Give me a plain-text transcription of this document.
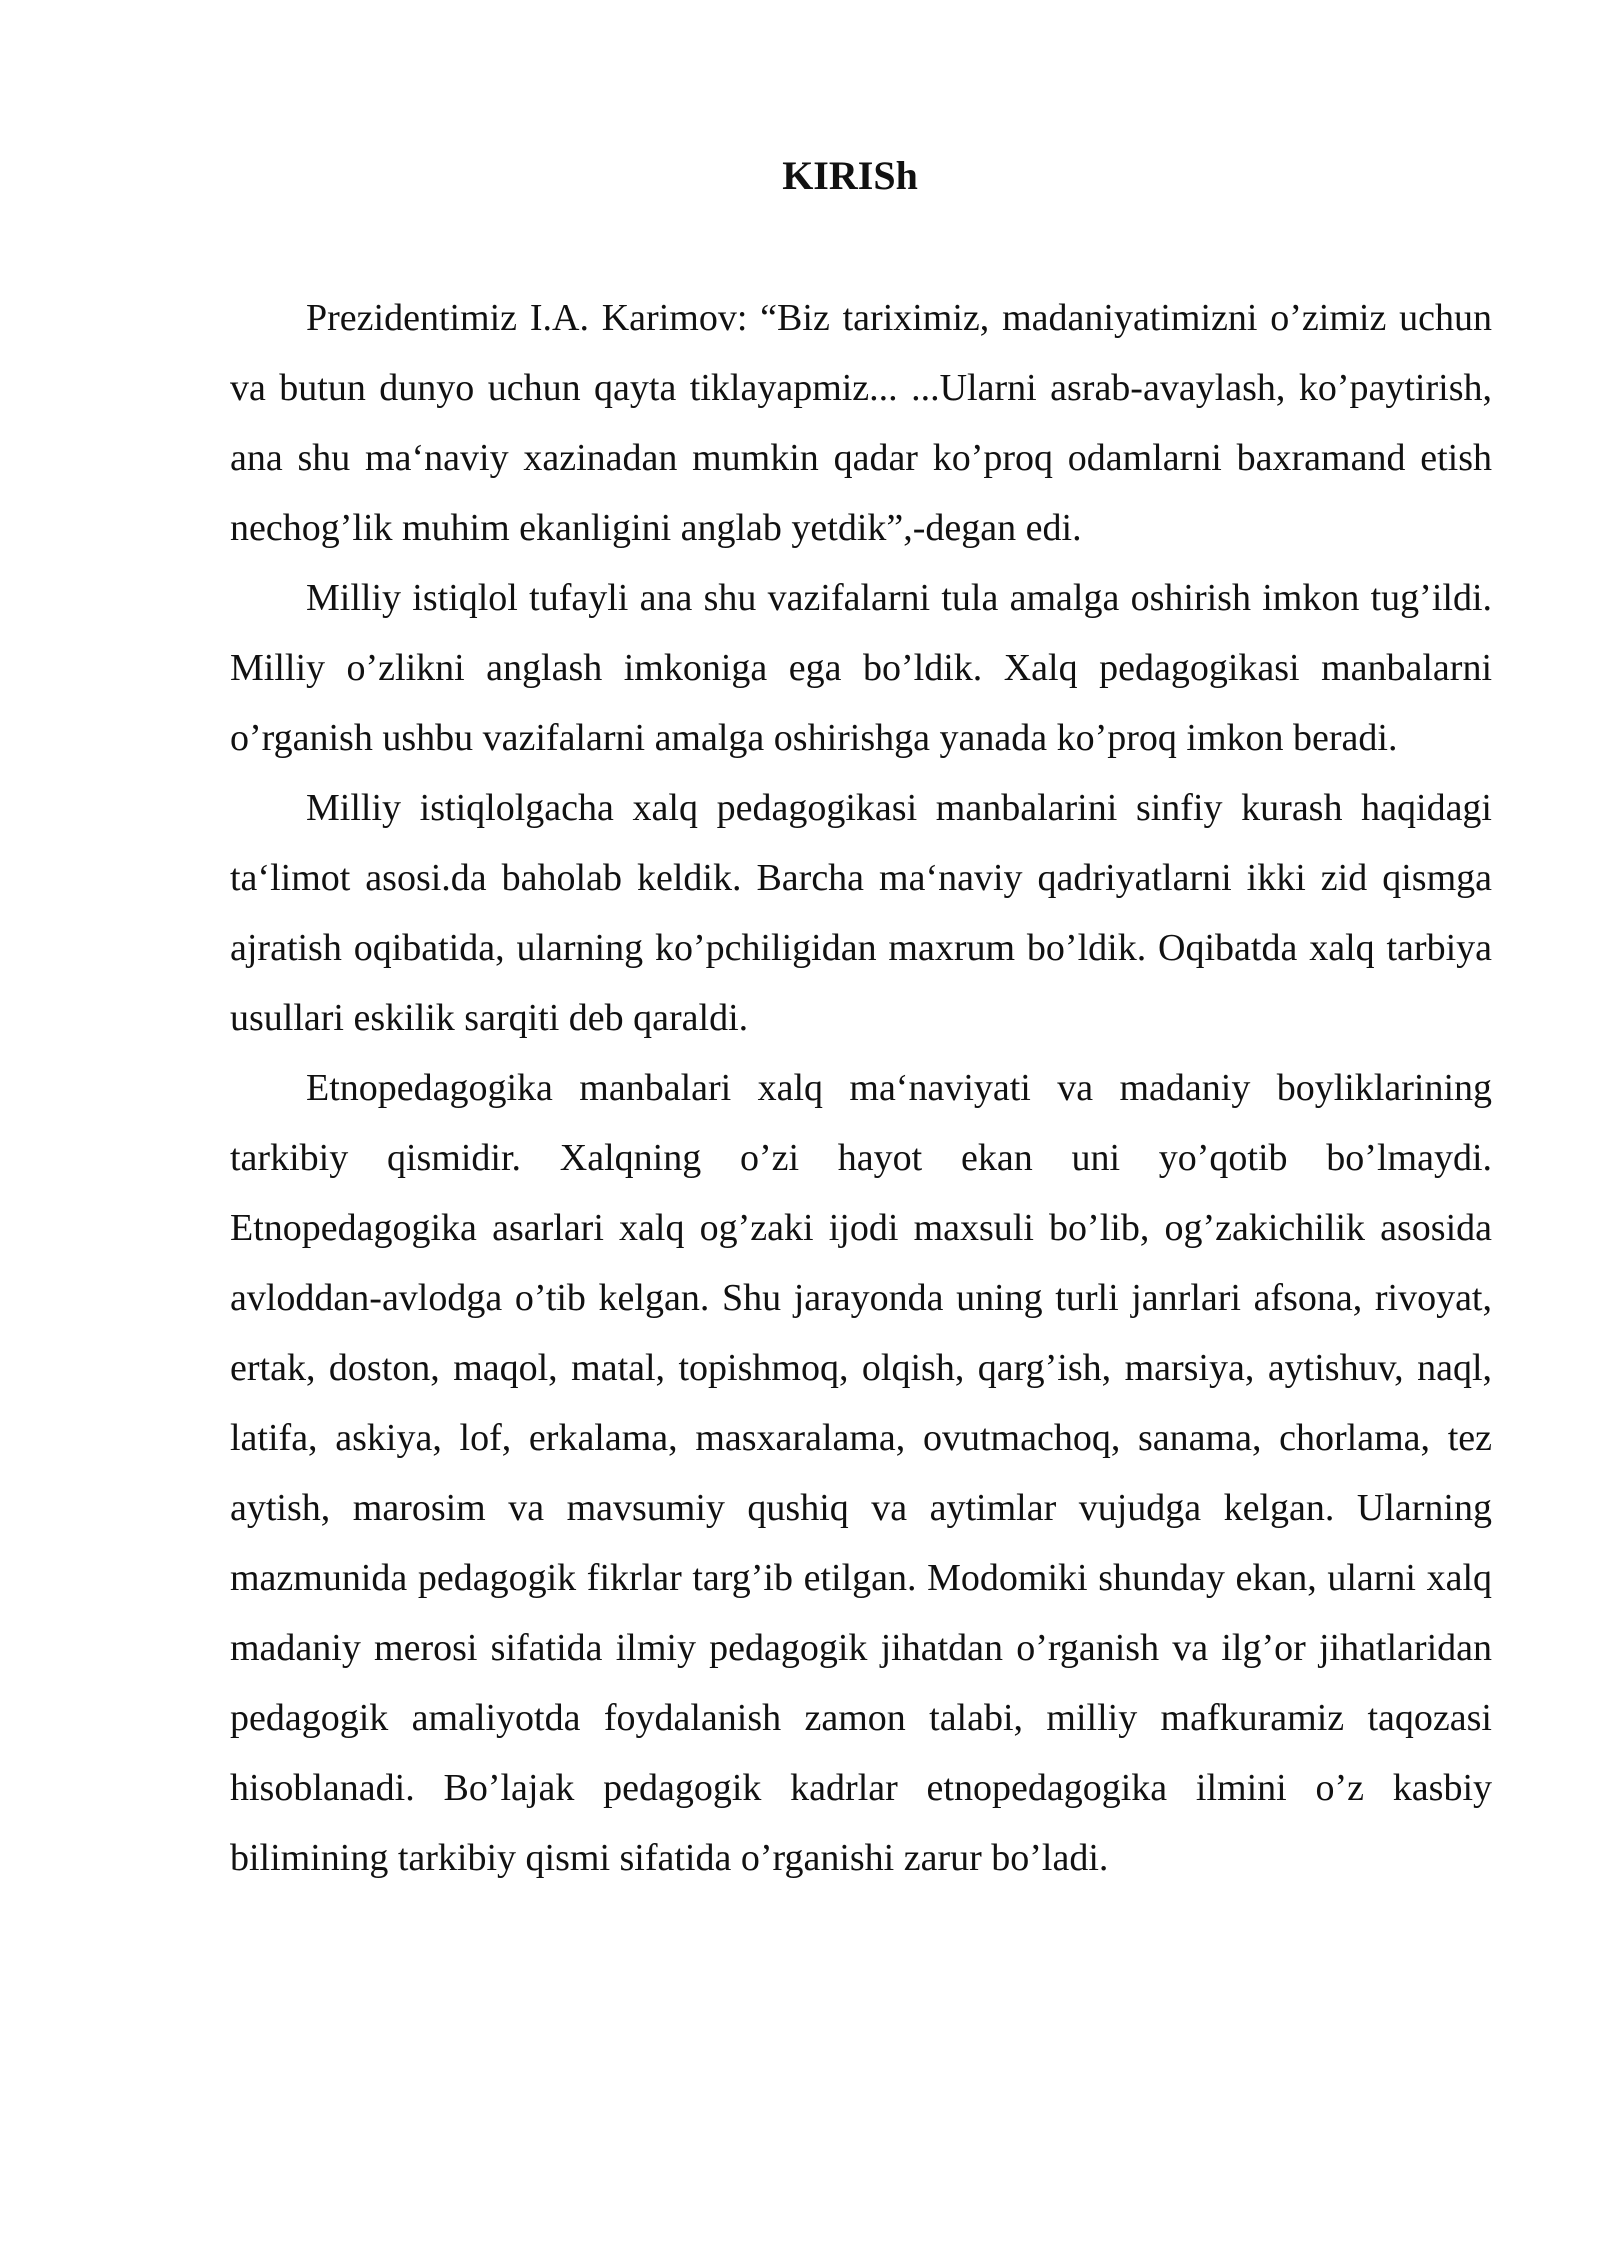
KIRISh

Prezidentimiz I.A. Karimov: “Biz tariximiz, madaniyatimizni o’zimiz uchun va butun dunyo uchun qayta tiklayapmiz... ...Ularni asrab-avaylash, ko’paytirish, ana shu ma‘naviy xazinadan mumkin qadar ko’proq odamlarni baxramand etish nechog’lik muhim ekanligini anglab yetdik”,-degan edi.

Milliy istiqlol tufayli ana shu vazifalarni tula amalga oshirish imkon tug’ildi. Milliy o’zlikni anglash imkoniga ega bo’ldik. Xalq pedagogikasi manbalarni o’rganish ushbu vazifalarni amalga oshirishga yanada ko’proq imkon beradi.

Milliy istiqlolgacha xalq pedagogikasi manbalarini sinfiy kurash haqidagi ta‘limot asosi.da baholab keldik. Barcha ma‘naviy qadriyatlarni ikki zid qismga ajratish oqibatida, ularning ko’pchiligidan maxrum bo’ldik. Oqibatda xalq tarbiya usullari eskilik sarqiti deb qaraldi.

Etnopedagogika manbalari xalq ma‘naviyati va madaniy boyliklarining tarkibiy qismidir. Xalqning o’zi hayot ekan uni yo’qotib bo’lmaydi. Etnopedagogika asarlari xalq og’zaki ijodi maxsuli bo’lib, og’zakichilik asosida avloddan-avlodga o’tib kelgan. Shu jarayonda uning turli janrlari afsona, rivoyat, ertak, doston, maqol, matal, topishmoq, olqish, qarg’ish, marsiya, aytishuv, naql, latifa, askiya, lof, erkalama, masxaralama, ovutmachoq, sanama, chorlama, tez aytish, marosim va mavsumiy qushiq va aytimlar vujudga kelgan. Ularning mazmunida pedagogik fikrlar targ’ib etilgan. Modomiki shunday ekan, ularni xalq madaniy merosi sifatida ilmiy pedagogik jihatdan o’rganish va ilg’or jihatlaridan pedagogik amaliyotda foydalanish zamon talabi, milliy mafkuramiz taqozasi hisoblanadi. Bo’lajak pedagogik kadrlar etnopedagogika ilmini o’z kasbiy bilimining tarkibiy qismi sifatida o’rganishi zarur bo’ladi.
